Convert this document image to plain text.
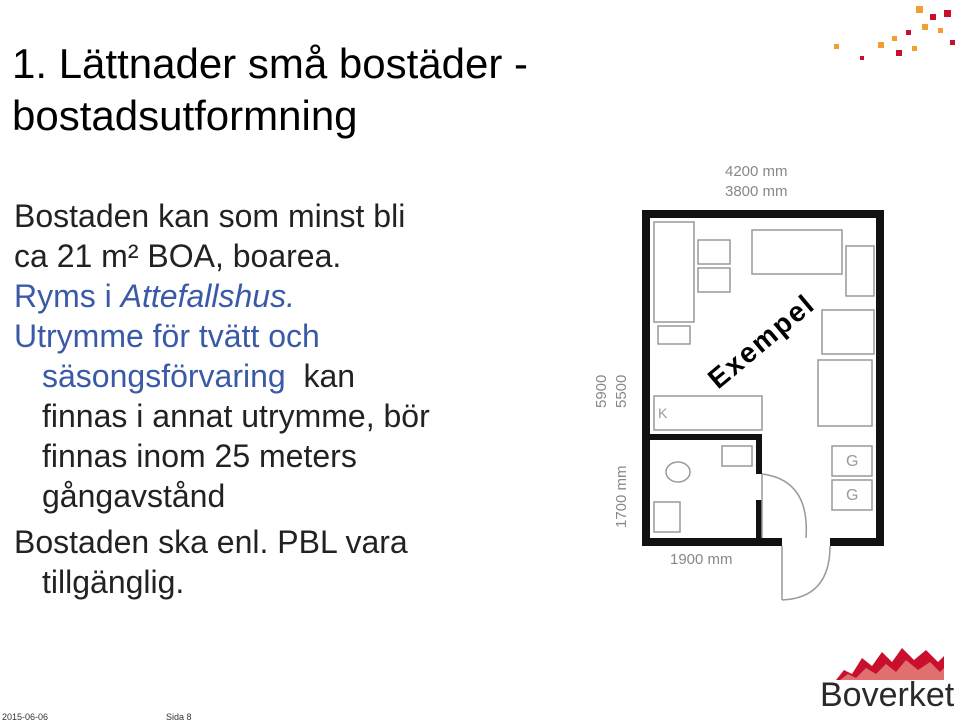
1. Lättnader små bostäder -
bostadsutformning
Bostaden kan som minst bli
ca 21 m² BOA, boarea.
Ryms i Attefallshus.
Utrymme för tvätt och
säsongsförvaring  kan
finnas i annat utrymme, bör
finnas inom 25 meters
gångavstånd
Bostaden ska enl. PBL vara
tillgänglig.
4200 mm
3800 mm
5900 5500
1700 mm
1900 mm
K
G
G
Exempel
Boverket
2015-06-06	Sida 8
